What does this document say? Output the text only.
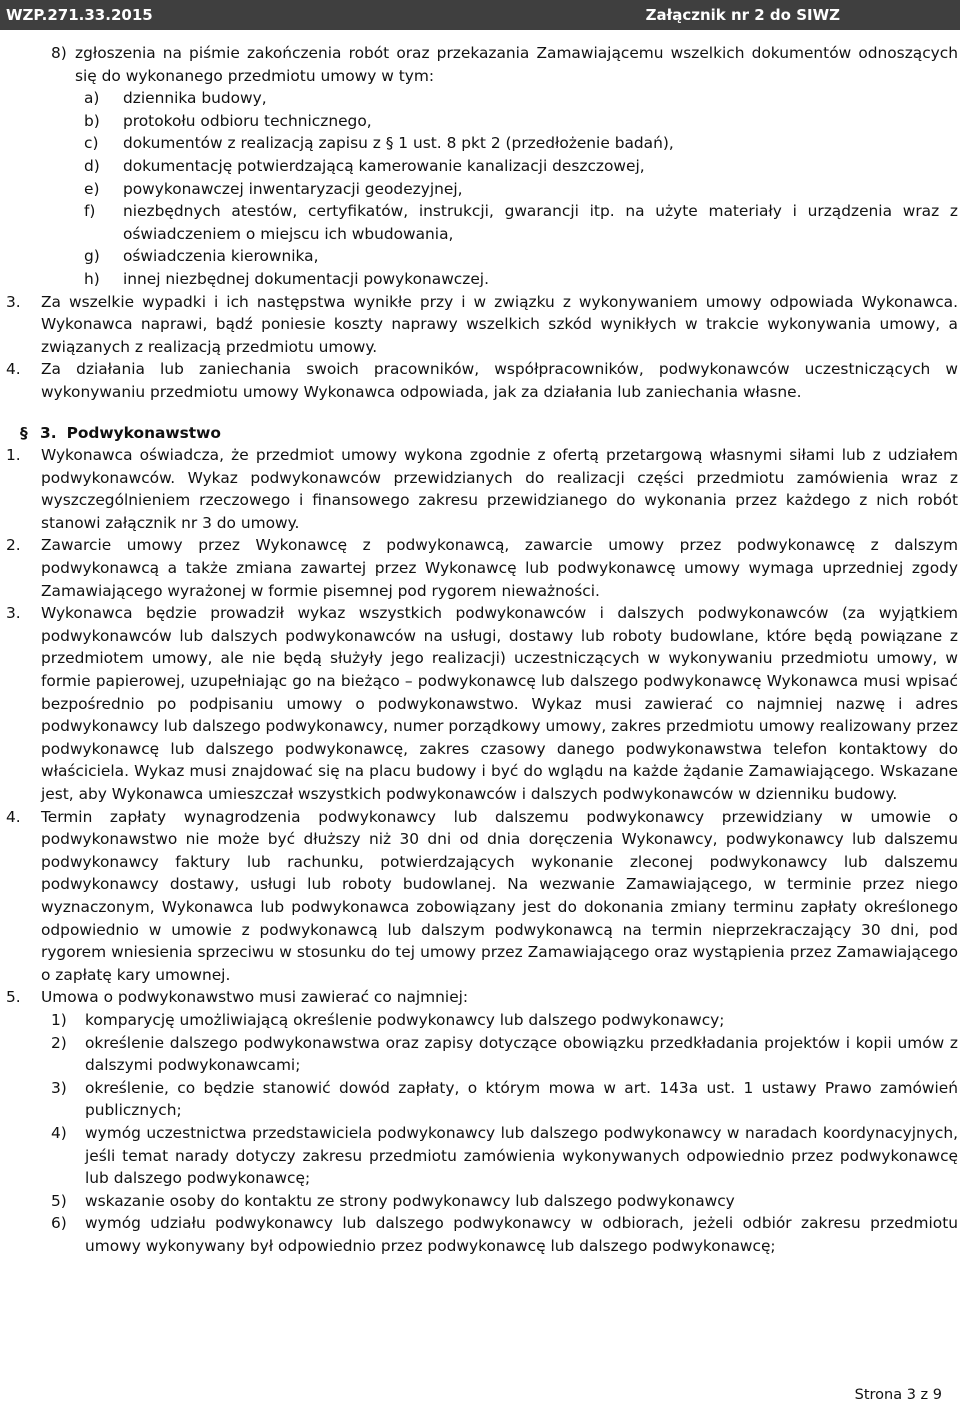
WZP.271.33.2015	Załącznik nr 2 do SIWZ
8) zgłoszenia na piśmie zakończenia robót oraz przekazania Zamawiającemu wszelkich dokumentów odnoszących się do wykonanego przedmiotu umowy w tym:
a)	dziennika budowy,
b)	protokołu odbioru technicznego,
c)	dokumentów z realizacją zapisu z § 1 ust. 8 pkt 2 (przedłożenie badań),
d)	dokumentację potwierdzającą kamerowanie kanalizacji deszczowej,
e)	powykonawczej inwentaryzacji geodezyjnej,
f)	niezbędnych atestów, certyfikatów, instrukcji, gwarancji itp. na użyte materiały i urządzenia wraz z oświadczeniem o miejscu ich wbudowania,
g)	oświadczenia kierownika,
h)	innej niezbędnej dokumentacji powykonawczej.
3. Za wszelkie wypadki i ich następstwa wynikłe przy i w związku z wykonywaniem umowy odpowiada Wykonawca. Wykonawca naprawi, bądź poniesie koszty naprawy wszelkich szkód wynikłych w trakcie wykonywania umowy, a związanych z realizacją przedmiotu umowy.
4. Za działania lub zaniechania swoich pracowników, współpracowników, podwykonawców uczestniczących w wykonywaniu przedmiotu umowy Wykonawca odpowiada, jak za działania lub zaniechania własne.
§ 3. Podwykonawstwo
1. Wykonawca oświadcza, że przedmiot umowy wykona zgodnie z ofertą przetargową własnymi siłami lub z udziałem podwykonawców. Wykaz podwykonawców przewidzianych do realizacji części przedmiotu zamówienia wraz z wyszczególnieniem rzeczowego i finansowego zakresu przewidzianego do wykonania przez każdego z nich robót stanowi załącznik nr 3 do umowy.
2. Zawarcie umowy przez Wykonawcę z podwykonawcą, zawarcie umowy przez podwykonawcę z dalszym podwykonawcą a także zmiana zawartej przez Wykonawcę lub podwykonawcę umowy wymaga uprzedniej zgody Zamawiającego wyrażonej w formie pisemnej pod rygorem nieważności.
3. Wykonawca będzie prowadził wykaz wszystkich podwykonawców i dalszych podwykonawców (za wyjątkiem podwykonawców lub dalszych podwykonawców na usługi, dostawy lub roboty budowlane, które będą powiązane z przedmiotem umowy, ale nie będą służyły jego realizacji) uczestniczących w wykonywaniu przedmiotu umowy, w formie papierowej, uzupełniając go na bieżąco – podwykonawcę lub dalszego podwykonawcę Wykonawca musi wpisać bezpośrednio po podpisaniu umowy o podwykonawstwo. Wykaz musi zawierać co najmniej nazwę i adres podwykonawcy lub dalszego podwykonawcy, numer porządkowy umowy, zakres przedmiotu umowy realizowany przez podwykonawcę lub dalszego podwykonawcę, zakres czasowy danego podwykonawstwa telefon kontaktowy do właściciela. Wykaz musi znajdować się na placu budowy i być do wglądu na każde żądanie Zamawiającego. Wskazane jest, aby Wykonawca umieszczał wszystkich podwykonawców i dalszych podwykonawców w dzienniku budowy.
4. Termin zapłaty wynagrodzenia podwykonawcy lub dalszemu podwykonawcy przewidziany w umowie o podwykonawstwo nie może być dłuższy niż 30 dni od dnia doręczenia Wykonawcy, podwykonawcy lub dalszemu podwykonawcy faktury lub rachunku, potwierdzających wykonanie zleconej podwykonawcy lub dalszemu podwykonawcy dostawy, usługi lub roboty budowlanej. Na wezwanie Zamawiającego, w terminie przez niego wyznaczonym, Wykonawca lub podwykonawca zobowiązany jest do dokonania zmiany terminu zapłaty określonego odpowiednio w umowie z podwykonawcą lub dalszym podwykonawcą na termin nieprzekraczający 30 dni, pod rygorem wniesienia sprzeciwu w stosunku do tej umowy przez Zamawiającego oraz wystąpienia przez Zamawiającego o zapłatę kary umownej.
5. Umowa o podwykonawstwo musi zawierać co najmniej:
1)	komparycję umożliwiającą określenie podwykonawcy lub dalszego podwykonawcy;
2)	określenie dalszego podwykonawstwa oraz zapisy dotyczące obowiązku przedkładania projektów i kopii umów z dalszymi podwykonawcami;
3)	określenie, co będzie stanowić dowód zapłaty, o którym mowa w art. 143a ust. 1 ustawy Prawo zamówień publicznych;
4)	wymóg uczestnictwa przedstawiciela podwykonawcy lub dalszego podwykonawcy w naradach koordynacyjnych, jeśli temat narady dotyczy zakresu przedmiotu zamówienia wykonywanych odpowiednio przez podwykonawcę lub dalszego podwykonawcę;
5)	wskazanie osoby do kontaktu ze strony podwykonawcy lub dalszego podwykonawcy
6)	wymóg udziału podwykonawcy lub dalszego podwykonawcy w odbiorach, jeżeli odbiór zakresu przedmiotu umowy wykonywany był odpowiednio przez podwykonawcę lub dalszego podwykonawcę;
Strona 3 z 9
